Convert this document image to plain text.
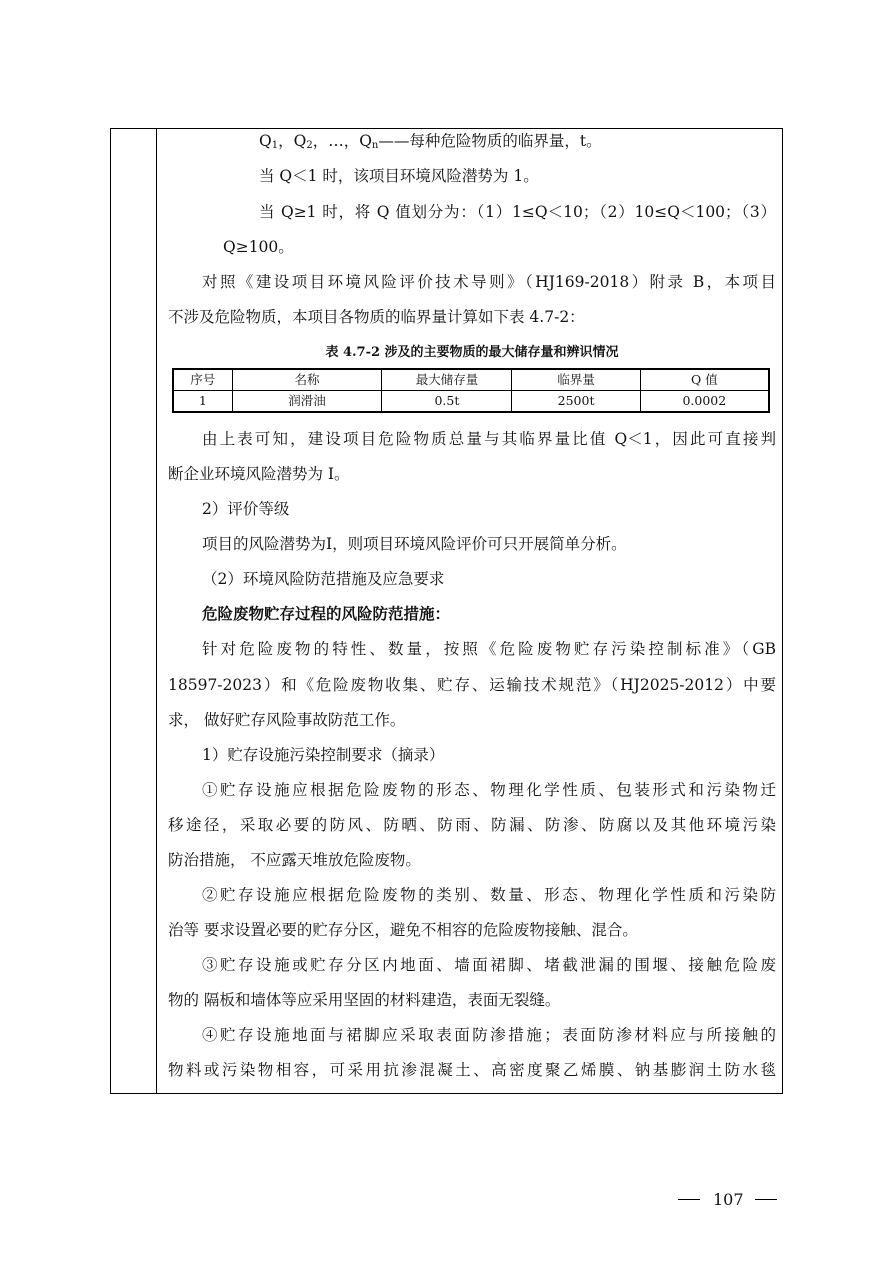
$Q_1$，$Q_2$，…，$Q_n——$每种危险物质的临界量，t。
当 Q＜1 时，该项目环境风险潜势为 1。
当 Q≥1 时，将 Q 值划分为：（1）1≤Q＜10；（2）10≤Q＜100；（3）
Q≥100。
对照《建设项目环境风险评价技术导则》（HJ169-2018）附录 B，本项目
不涉及危险物质，本项目各物质的临界量计算如下表 4.7-2：
表 4.7-2 涉及的主要物质的最大储存量和辨识情况
序号	名称	最大储存量	临界量	Q 值
1	润滑油	0.5t	2500t	0.0002
由上表可知，建设项目危险物质总量与其临界量比值 Q＜1，因此可直接判
断企业环境风险潜势为 I。
2）评价等级
项目的风险潜势为I，则项目环境风险评价可只开展简单分析。
（2）环境风险防范措施及应急要求
危险废物贮存过程的风险防范措施：
针对危险废物的特性、数量，按照《危险废物贮存污染控制标准》（GB
18597-2023）和《危险废物收集、贮存、运输技术规范》（HJ2025-2012）中要
求， 做好贮存风险事故防范工作。
1）贮存设施污染控制要求（摘录）
①贮存设施应根据危险废物的形态、物理化学性质、包装形式和污染物迁
移途径，采取必要的防风、防晒、防雨、防漏、防渗、防腐以及其他环境污染
防治措施， 不应露天堆放危险废物。
②贮存设施应根据危险废物的类别、数量、形态、物理化学性质和污染防
治等 要求设置必要的贮存分区，避免不相容的危险废物接触、混合。
③贮存设施或贮存分区内地面、墙面裙脚、堵截泄漏的围堰、接触危险废
物的 隔板和墙体等应采用坚固的材料建造，表面无裂缝。
④贮存设施地面与裙脚应采取表面防渗措施；表面防渗材料应与所接触的
物料或污染物相容，可采用抗渗混凝土、高密度聚乙烯膜、钠基膨润土防水毯
107
